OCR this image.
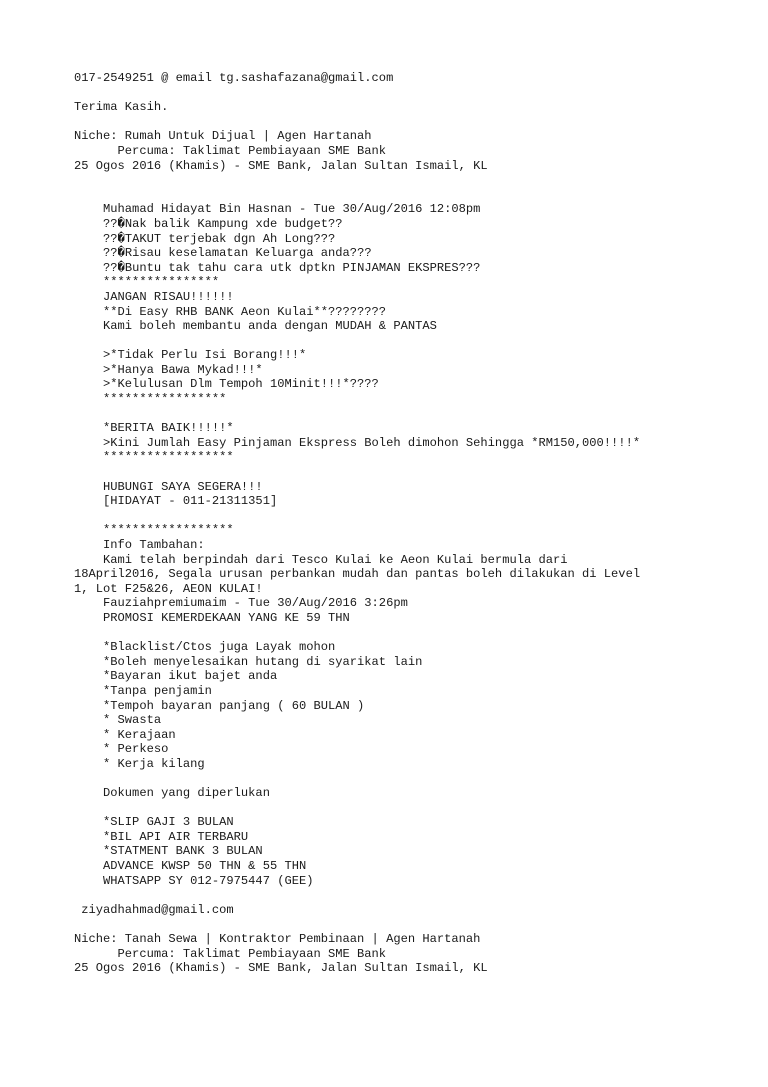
017-2549251 @ email tg.sashafazana@gmail.com
Terima Kasih.
Niche: Rumah Untuk Dijual | Agen Hartanah
Percuma: Taklimat Pembiayaan SME Bank
25 Ogos 2016 (Khamis) - SME Bank, Jalan Sultan Ismail, KL
Muhamad Hidayat Bin Hasnan - Tue 30/Aug/2016 12:08pm
??�Nak balik Kampung xde budget??
??�TAKUT terjebak dgn Ah Long???
??�Risau keselamatan Keluarga anda???
??�Buntu tak tahu cara utk dptkn PINJAMAN EKSPRES???
****************
JANGAN RISAU!!!!!!
**Di Easy RHB BANK Aeon Kulai**????????
Kami boleh membantu anda dengan MUDAH & PANTAS
>*Tidak Perlu Isi Borang!!!*
>*Hanya Bawa Mykad!!!*
>*Kelulusan Dlm Tempoh 10Minit!!!*????
*****************
*BERITA BAIK!!!!!*
>Kini Jumlah Easy Pinjaman Ekspress Boleh dimohon Sehingga *RM150,000!!!!*
******************
HUBUNGI SAYA SEGERA!!!
[HIDAYAT - 011-21311351]
******************
Info Tambahan:
Kami telah berpindah dari Tesco Kulai ke Aeon Kulai bermula dari
18April2016, Segala urusan perbankan mudah dan pantas boleh dilakukan di Level
1, Lot F25&26, AEON KULAI!
Fauziahpremiumaim - Tue 30/Aug/2016 3:26pm
PROMOSI KEMERDEKAAN YANG KE 59 THN
*Blacklist/Ctos juga Layak mohon
*Boleh menyelesaikan hutang di syarikat lain
*Bayaran ikut bajet anda
*Tanpa penjamin
*Tempoh bayaran panjang ( 60 BULAN )
* Swasta
* Kerajaan
* Perkeso
* Kerja kilang
Dokumen yang diperlukan
*SLIP GAJI 3 BULAN
*BIL API AIR TERBARU
*STATMENT BANK 3 BULAN
ADVANCE KWSP 50 THN & 55 THN
WHATSAPP SY 012-7975447 (GEE)
ziyadhahmad@gmail.com
Niche: Tanah Sewa | Kontraktor Pembinaan | Agen Hartanah
Percuma: Taklimat Pembiayaan SME Bank
25 Ogos 2016 (Khamis) - SME Bank, Jalan Sultan Ismail, KL
